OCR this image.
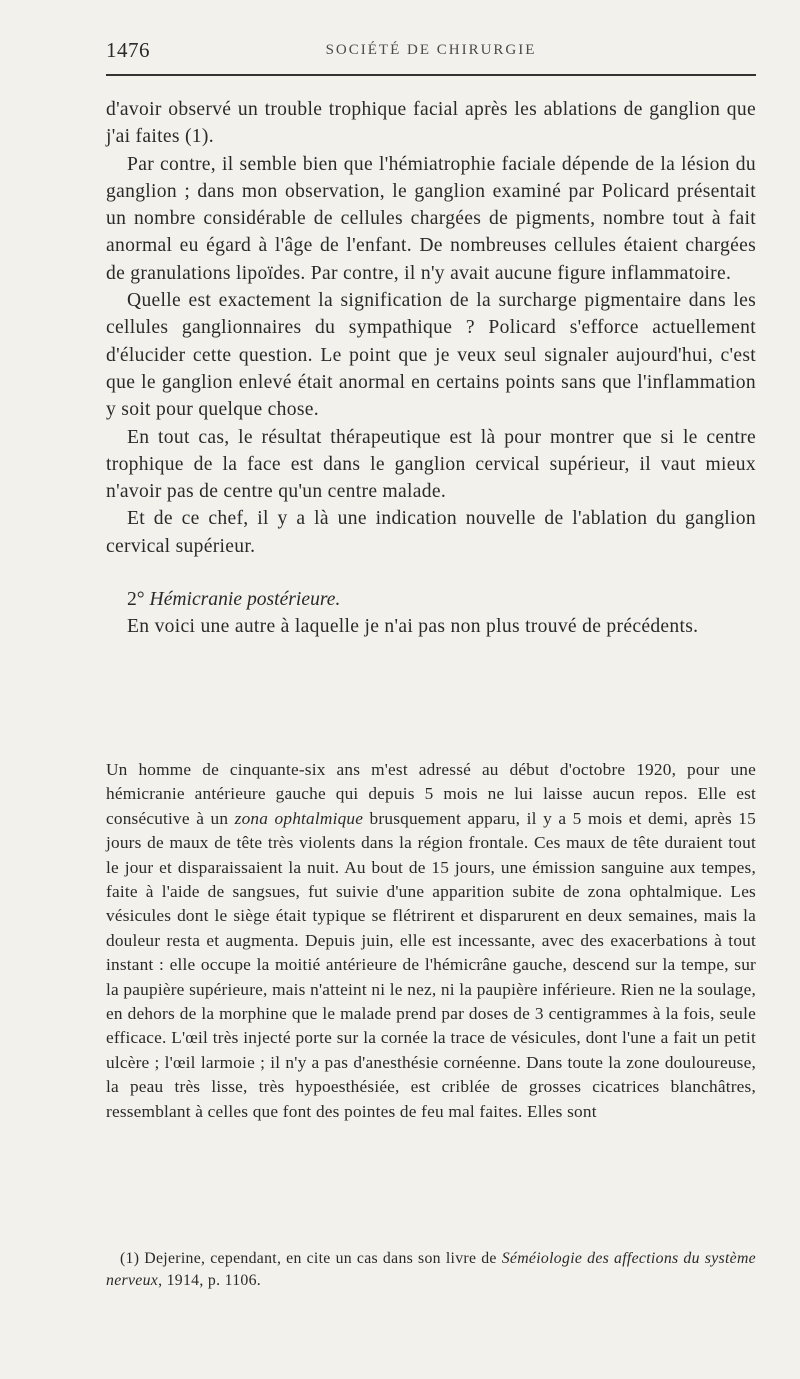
1476	SOCIÉTÉ DE CHIRURGIE

d'avoir observé un trouble trophique facial après les ablations de ganglion que j'ai faites (1).

Par contre, il semble bien que l'hémiatrophie faciale dépende de la lésion du ganglion ; dans mon observation, le ganglion examiné par Policard présentait un nombre considérable de cellules chargées de pigments, nombre tout à fait anormal eu égard à l'âge de l'enfant. De nombreuses cellules étaient chargées de granulations lipoïdes. Par contre, il n'y avait aucune figure inflammatoire.

Quelle est exactement la signification de la surcharge pigmentaire dans les cellules ganglionnaires du sympathique ? Policard s'efforce actuellement d'élucider cette question. Le point que je veux seul signaler aujourd'hui, c'est que le ganglion enlevé était anormal en certains points sans que l'inflammation y soit pour quelque chose.

En tout cas, le résultat thérapeutique est là pour montrer que si le centre trophique de la face est dans le ganglion cervical supérieur, il vaut mieux n'avoir pas de centre qu'un centre malade.

Et de ce chef, il y a là une indication nouvelle de l'ablation du ganglion cervical supérieur.

2° Hémicranie postérieure.

En voici une autre à laquelle je n'ai pas non plus trouvé de précédents.

Un homme de cinquante-six ans m'est adressé au début d'octobre 1920, pour une hémicranie antérieure gauche qui depuis 5 mois ne lui laisse aucun repos. Elle est consécutive à un zona ophtalmique brusquement apparu, il y a 5 mois et demi, après 15 jours de maux de tête très violents dans la région frontale. Ces maux de tête duraient tout le jour et disparaissaient la nuit. Au bout de 15 jours, une émission sanguine aux tempes, faite à l'aide de sangsues, fut suivie d'une apparition subite de zona ophtalmique. Les vésicules dont le siège était typique se flétrirent et disparurent en deux semaines, mais la douleur resta et augmenta. Depuis juin, elle est incessante, avec des exacerbations à tout instant : elle occupe la moitié antérieure de l'hémicrâne gauche, descend sur la tempe, sur la paupière supérieure, mais n'atteint ni le nez, ni la paupière inférieure. Rien ne la soulage, en dehors de la morphine que le malade prend par doses de 3 centigrammes à la fois, seule efficace. L'œil très injecté porte sur la cornée la trace de vésicules, dont l'une a fait un petit ulcère ; l'œil larmoie ; il n'y a pas d'anesthésie cornéenne. Dans toute la zone douloureuse, la peau très lisse, très hypoesthésiée, est criblée de grosses cicatrices blanchâtres, ressemblant à celles que font des pointes de feu mal faites. Elles sont

(1) Dejerine, cependant, en cite un cas dans son livre de Séméiologie des affections du système nerveux, 1914, p. 1106.
